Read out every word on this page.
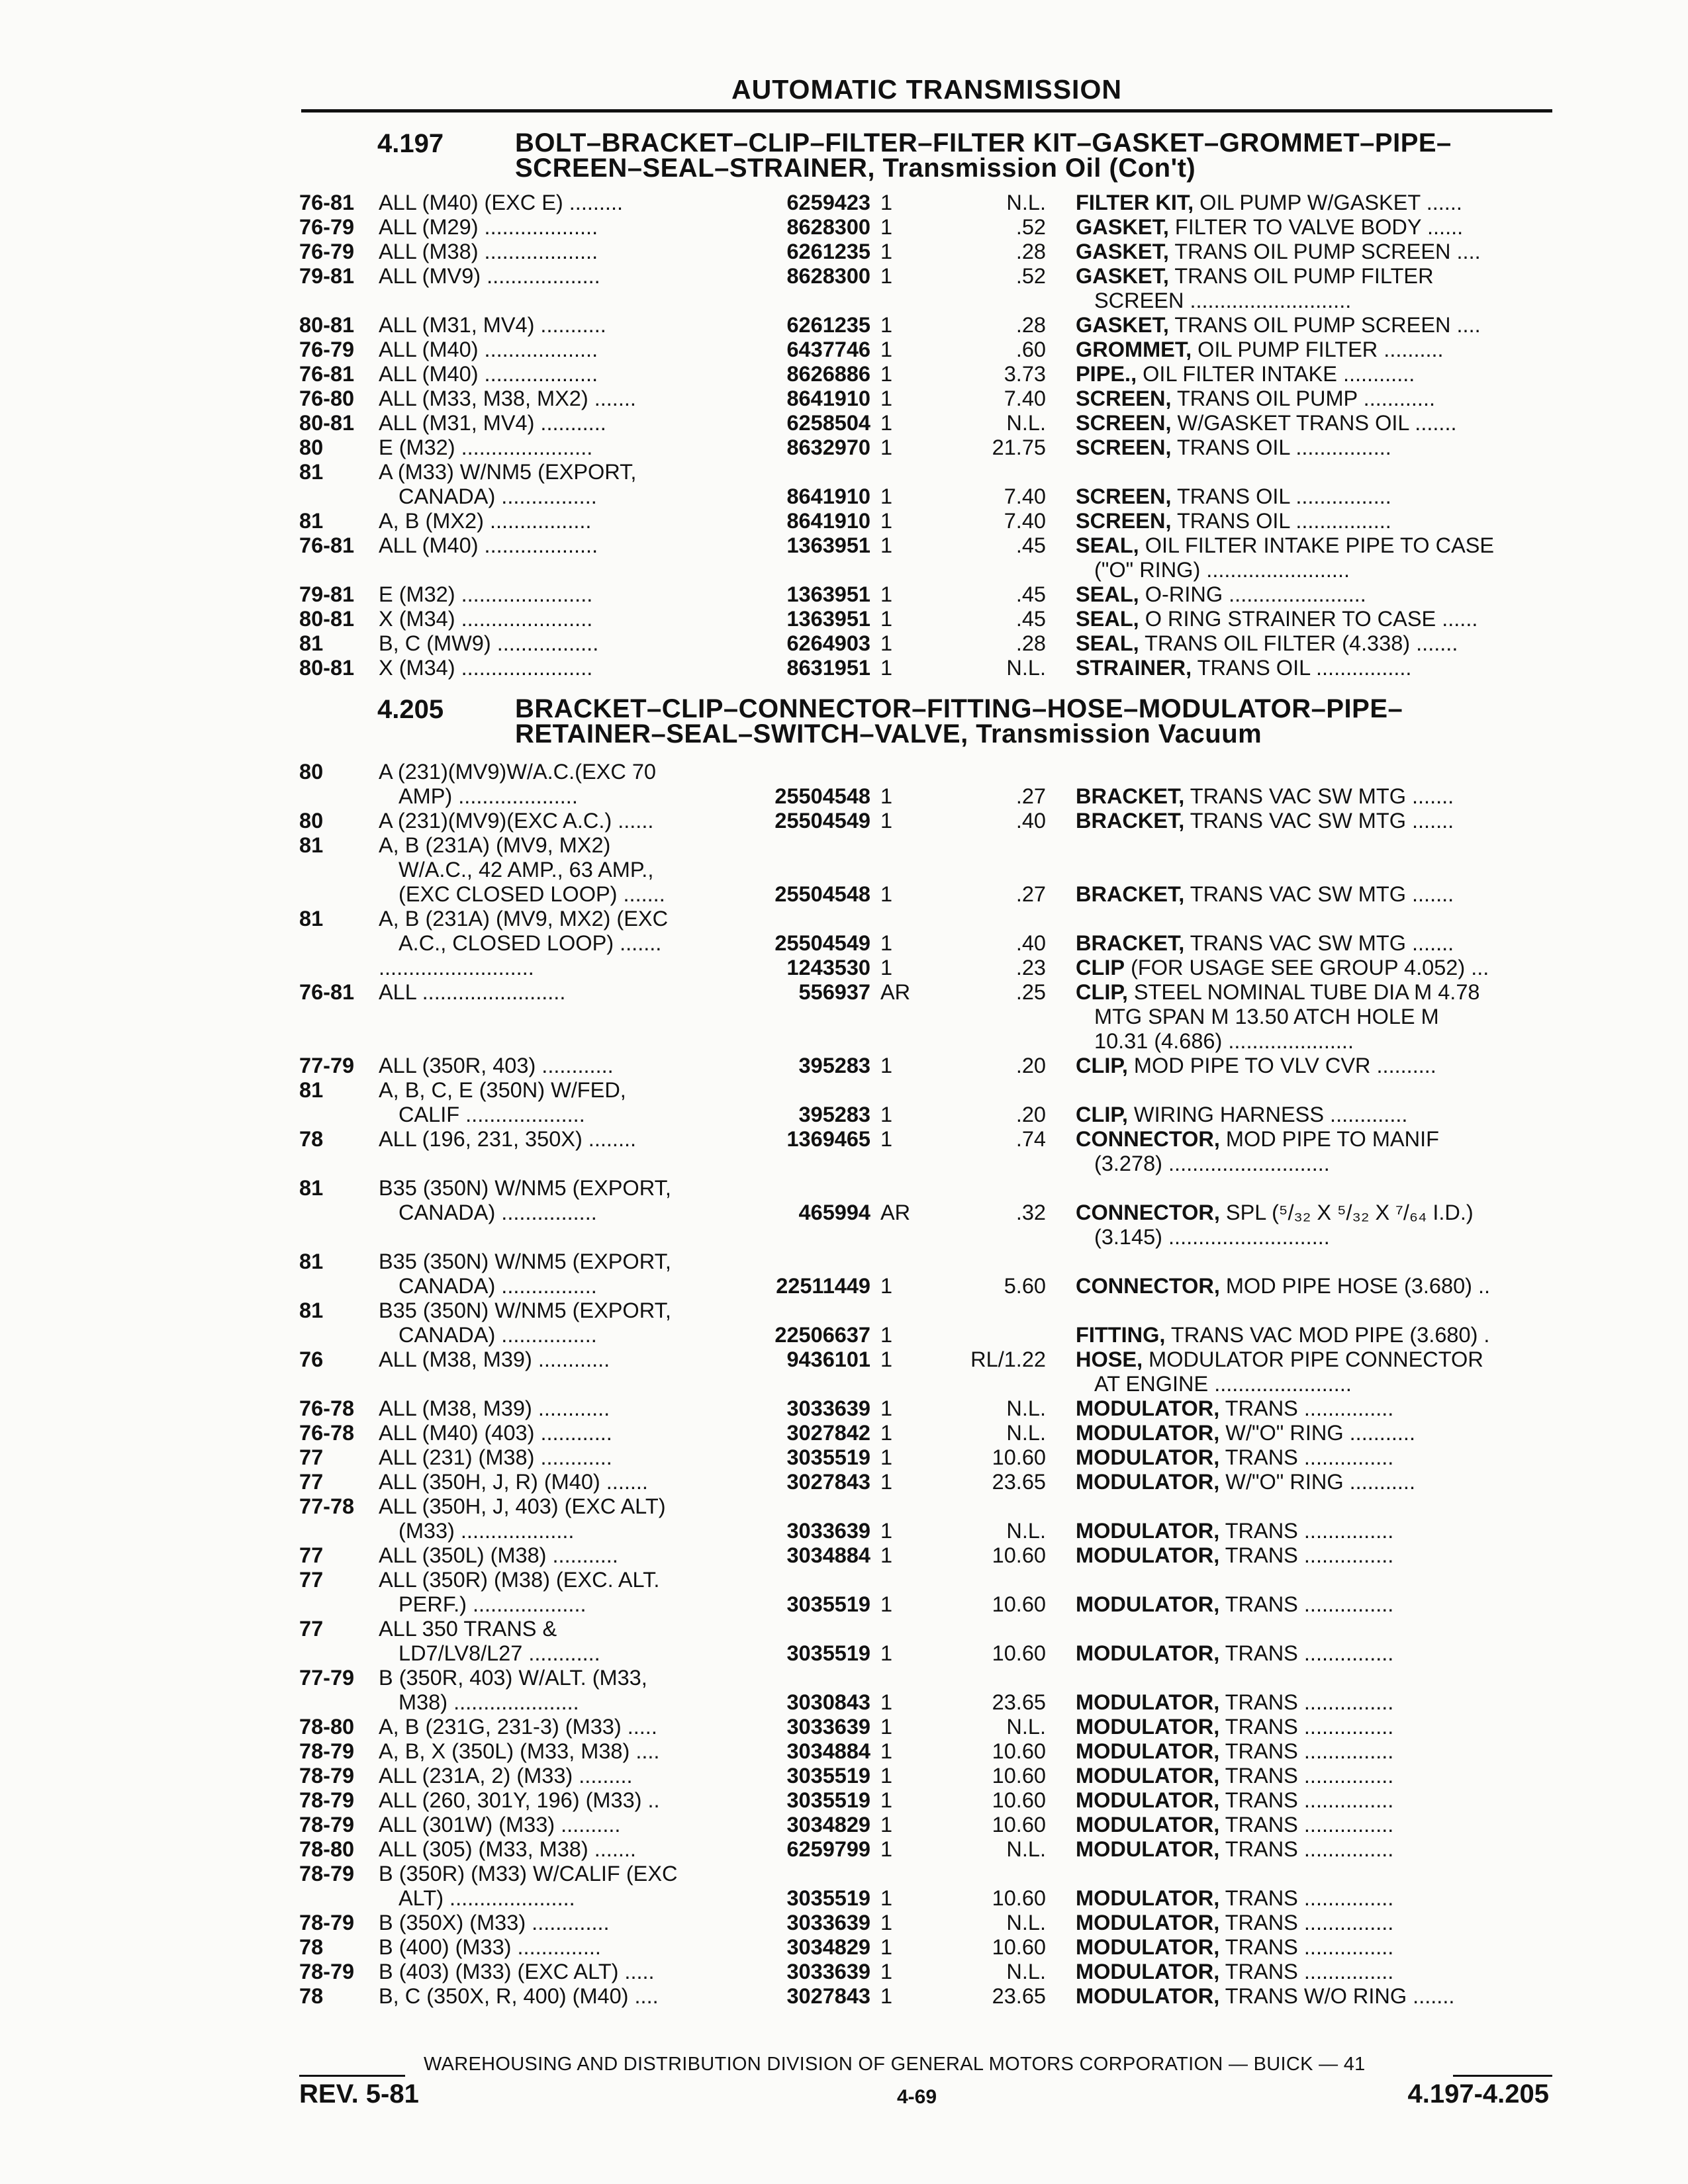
AUTOMATIC TRANSMISSION
4.197	BOLT–BRACKET–CLIP–FILTER–FILTER KIT–GASKET–GROMMET–PIPE–
SCREEN–SEAL–STRAINER, Transmission Oil (Con't)
76-81 ALL (M40) (EXC E) .........	6259423 1	N.L. FILTER KIT, OIL PUMP W/GASKET ......
76-79 ALL (M29) ...................	8628300 1	.52 GASKET, FILTER TO VALVE BODY ......
76-79 ALL (M38) ...................	6261235 1	.28 GASKET, TRANS OIL PUMP SCREEN ....
79-81 ALL (MV9) ...................	8628300 1	.52 GASKET, TRANS OIL PUMP FILTER
SCREEN ...........................
80-81 ALL (M31, MV4) ...........	6261235 1	.28 GASKET, TRANS OIL PUMP SCREEN ....
76-79 ALL (M40) ...................	6437746 1	.60 GROMMET, OIL PUMP FILTER ..........
76-81 ALL (M40) ...................	8626886 1	3.73 PIPE., OIL FILTER INTAKE ............
76-80 ALL (M33, M38, MX2) .......	8641910 1	7.40 SCREEN, TRANS OIL PUMP ............
80-81 ALL (M31, MV4) ...........	6258504 1	N.L. SCREEN, W/GASKET TRANS OIL .......
80	E (M32) ......................	8632970 1	21.75 SCREEN, TRANS OIL ................
81	A (M33) W/NM5 (EXPORT,
CANADA) ................	8641910 1	7.40 SCREEN, TRANS OIL ................
81	A, B (MX2) .................	8641910 1	7.40 SCREEN, TRANS OIL ................
76-81 ALL (M40) ...................	1363951 1	.45 SEAL, OIL FILTER INTAKE PIPE TO CASE
("O" RING) ........................
79-81 E (M32) ......................	1363951 1	.45 SEAL, O-RING .......................
80-81 X (M34) ......................	1363951 1	.45 SEAL, O RING STRAINER TO CASE ......
81	B, C (MW9) .................	6264903 1	.28 SEAL, TRANS OIL FILTER (4.338) .......
80-81 X (M34) ......................	8631951 1	N.L. STRAINER, TRANS OIL ................
4.205	BRACKET–CLIP–CONNECTOR–FITTING–HOSE–MODULATOR–PIPE–
RETAINER–SEAL–SWITCH–VALVE, Transmission Vacuum
80	A (231)(MV9)W/A.C.(EXC 70
AMP) ....................	25504548 1	.27 BRACKET, TRANS VAC SW MTG .......
80	A (231)(MV9)(EXC A.C.) ......	25504549 1	.40 BRACKET, TRANS VAC SW MTG .......
81	A, B (231A) (MV9, MX2)
W/A.C., 42 AMP., 63 AMP.,
(EXC CLOSED LOOP) .......	25504548 1	.27 BRACKET, TRANS VAC SW MTG .......
81	A, B (231A) (MV9, MX2) (EXC
A.C., CLOSED LOOP) .......	25504549 1	.40 BRACKET, TRANS VAC SW MTG .......
..........................	1243530 1	.23 CLIP (FOR USAGE SEE GROUP 4.052) ...
76-81 ALL ........................	556937 AR	.25 CLIP, STEEL NOMINAL TUBE DIA M 4.78
MTG SPAN M 13.50 ATCH HOLE M
10.31 (4.686) .....................
77-79 ALL (350R, 403) ............	395283 1	.20 CLIP, MOD PIPE TO VLV CVR ..........
81	A, B, C, E (350N) W/FED,
CALIF ....................	395283 1	.20 CLIP, WIRING HARNESS .............
78	ALL (196, 231, 350X) ........	1369465 1	.74 CONNECTOR, MOD PIPE TO MANIF
(3.278) ...........................
81	B35 (350N) W/NM5 (EXPORT,
CANADA) ................	465994 AR	.32 CONNECTOR, SPL (⁵/₃₂ X ⁵/₃₂ X ⁷/₆₄ I.D.)
(3.145) ...........................
81	B35 (350N) W/NM5 (EXPORT,
CANADA) ................	22511449 1	5.60 CONNECTOR, MOD PIPE HOSE (3.680) ..
81	B35 (350N) W/NM5 (EXPORT,
CANADA) ................	22506637 1	FITTING, TRANS VAC MOD PIPE (3.680) .
76	ALL (M38, M39) ............	9436101 1	RL/1.22 HOSE, MODULATOR PIPE CONNECTOR
AT ENGINE .......................
76-78 ALL (M38, M39) ............	3033639 1	N.L. MODULATOR, TRANS ...............
76-78 ALL (M40) (403) ............	3027842 1	N.L. MODULATOR, W/"O" RING ...........
77	ALL (231) (M38) ............	3035519 1	10.60 MODULATOR, TRANS ...............
77	ALL (350H, J, R) (M40) .......	3027843 1	23.65 MODULATOR, W/"O" RING ...........
77-78 ALL (350H, J, 403) (EXC ALT)
(M33) ...................	3033639 1	N.L. MODULATOR, TRANS ...............
77	ALL (350L) (M38) ...........	3034884 1	10.60 MODULATOR, TRANS ...............
77	ALL (350R) (M38) (EXC. ALT.
PERF.) ...................	3035519 1	10.60 MODULATOR, TRANS ...............
77	ALL 350 TRANS &
LD7/LV8/L27 ............	3035519 1	10.60 MODULATOR, TRANS ...............
77-79 B (350R, 403) W/ALT. (M33,
M38) .....................	3030843 1	23.65 MODULATOR, TRANS ...............
78-80 A, B (231G, 231-3) (M33) .....	3033639 1	N.L. MODULATOR, TRANS ...............
78-79 A, B, X (350L) (M33, M38) ....	3034884 1	10.60 MODULATOR, TRANS ...............
78-79 ALL (231A, 2) (M33) .........	3035519 1	10.60 MODULATOR, TRANS ...............
78-79 ALL (260, 301Y, 196) (M33) ..	3035519 1	10.60 MODULATOR, TRANS ...............
78-79 ALL (301W) (M33) ..........	3034829 1	10.60 MODULATOR, TRANS ...............
78-80 ALL (305) (M33, M38) .......	6259799 1	N.L. MODULATOR, TRANS ...............
78-79 B (350R) (M33) W/CALIF (EXC
ALT) .....................	3035519 1	10.60 MODULATOR, TRANS ...............
78-79 B (350X) (M33) .............	3033639 1	N.L. MODULATOR, TRANS ...............
78	B (400) (M33) ..............	3034829 1	10.60 MODULATOR, TRANS ...............
78-79 B (403) (M33) (EXC ALT) .....	3033639 1	N.L. MODULATOR, TRANS ...............
78	B, C (350X, R, 400) (M40) ....	3027843 1	23.65 MODULATOR, TRANS W/O RING .......
WAREHOUSING AND DISTRIBUTION DIVISION OF GENERAL MOTORS CORPORATION — BUICK — 41
REV. 5-81	4-69	4.197-4.205
